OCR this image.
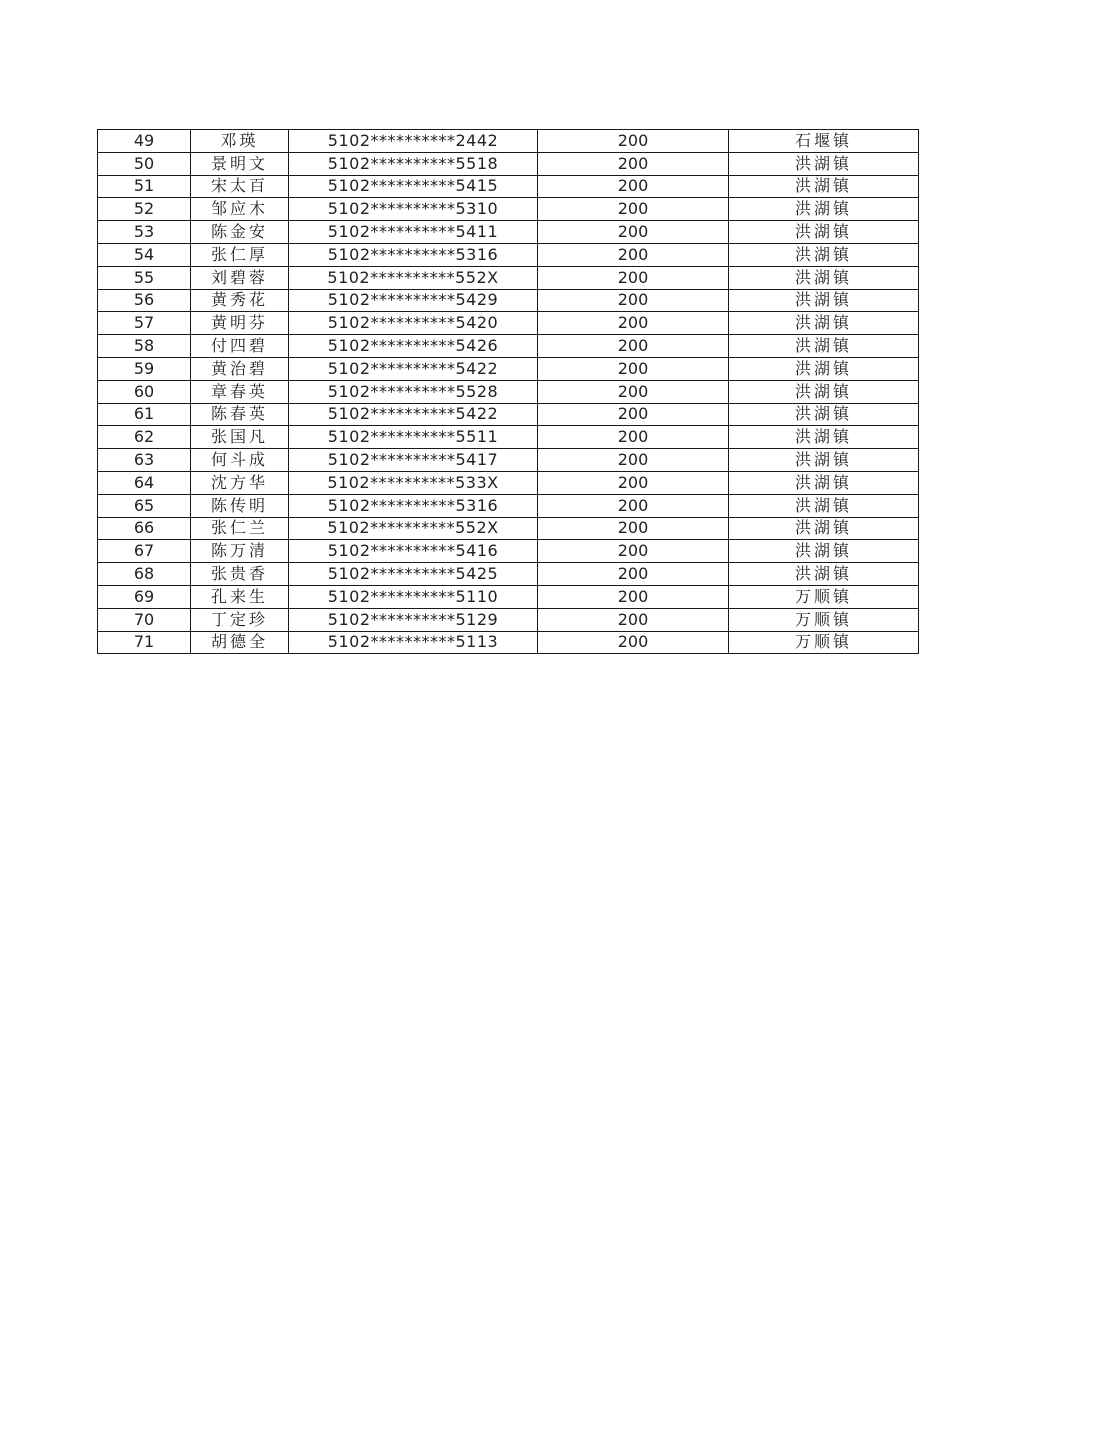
49	邓瑛	5102**********2442	200	石堰镇
50	景明文	5102**********5518	200	洪湖镇
51	宋太百	5102**********5415	200	洪湖镇
52	邹应木	5102**********5310	200	洪湖镇
53	陈金安	5102**********5411	200	洪湖镇
54	张仁厚	5102**********5316	200	洪湖镇
55	刘碧蓉	5102**********552X	200	洪湖镇
56	黄秀花	5102**********5429	200	洪湖镇
57	黄明芬	5102**********5420	200	洪湖镇
58	付四碧	5102**********5426	200	洪湖镇
59	黄治碧	5102**********5422	200	洪湖镇
60	章春英	5102**********5528	200	洪湖镇
61	陈春英	5102**********5422	200	洪湖镇
62	张国凡	5102**********5511	200	洪湖镇
63	何斗成	5102**********5417	200	洪湖镇
64	沈方华	5102**********533X	200	洪湖镇
65	陈传明	5102**********5316	200	洪湖镇
66	张仁兰	5102**********552X	200	洪湖镇
67	陈万清	5102**********5416	200	洪湖镇
68	张贵香	5102**********5425	200	洪湖镇
69	孔来生	5102**********5110	200	万顺镇
70	丁定珍	5102**********5129	200	万顺镇
71	胡德全	5102**********5113	200	万顺镇
